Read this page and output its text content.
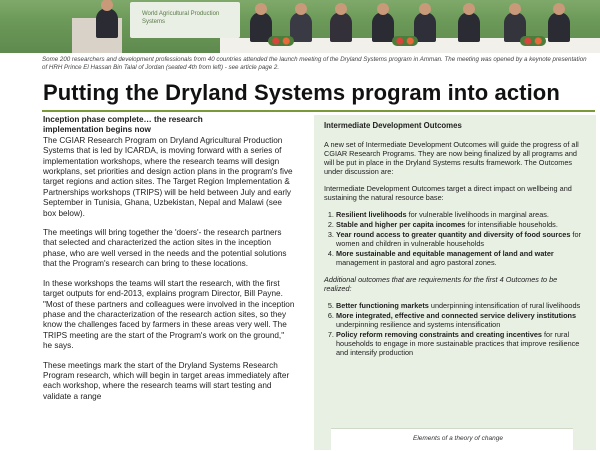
World Agricultural Production Systems
Some 200 researchers and development professionals from 40 countries attended the launch meeting of the Dryland Systems program in Amman. The meeting was opened by a keynote presentation of HRH Prince El Hassan Bin Talal of Jordan (seated 4th from left) - see article page 2.
Putting the Dryland Systems program into action

Inception phase complete… the research
implementation begins now
The CGIAR Research Program on Dryland Agricultural Production Systems that is led by ICARDA, is moving forward with a series of implementation workshops, where the research teams will design workplans, set priorities and design action plans in the program's five target regions and action sites. The Target Region Implementation & Partnerships workshops (TRIPS) will be held between July and early September in Tunisia, Ghana, Uzbekistan, Nepal and Malawi (see box below).

The meetings will bring together the 'doers'- the research partners that selected and characterized the action sites in the inception phase, who are well versed in the needs and the potential solutions that the Program's research can bring to these locations.

In these workshops the teams will start the research, with the first target outputs for end-2013, explains program Director, Bill Payne. "Most of these partners and colleagues were involved in the inception phase and the characterization of the research action sites, so they know the challenges faced by farmers in these areas very well. The TRIPS meeting are the start of the Program's work on the ground," he says.

These meetings mark the start of the Dryland Systems Research Program research, which will begin in target areas immediately after each workshop, where the research teams will start testing and validate a range

Intermediate Development Outcomes

A new set of Intermediate Development Outcomes will guide the progress of all CGIAR Research Programs. They are now being finalized by all programs and will be put in place in the Dryland Systems results framework. The Outcomes under discussion are:

Intermediate Development Outcomes target a direct impact on wellbeing and sustaining the natural resource base:

1. Resilient livelihoods for vulnerable livelihoods in marginal areas.
2. Stable and higher per capita incomes for intensifiable households.
3. Year round access to greater quantity and diversity of food sources for women and children in vulnerable households
4. More sustainable and equitable management of land and water management in pastoral and agro pastoral zones.

Additional outcomes that are requirements for the first 4 Outcomes to be realized:

5. Better functioning markets underpinning intensification of rural livelihoods
6. More integrated, effective and connected service delivery institutions underpinning resilience and systems intensification
7. Policy reform removing constraints and creating incentives for rural households to engage in more sustainable practices that improve resilience and intensify production
Elements of a theory of change
